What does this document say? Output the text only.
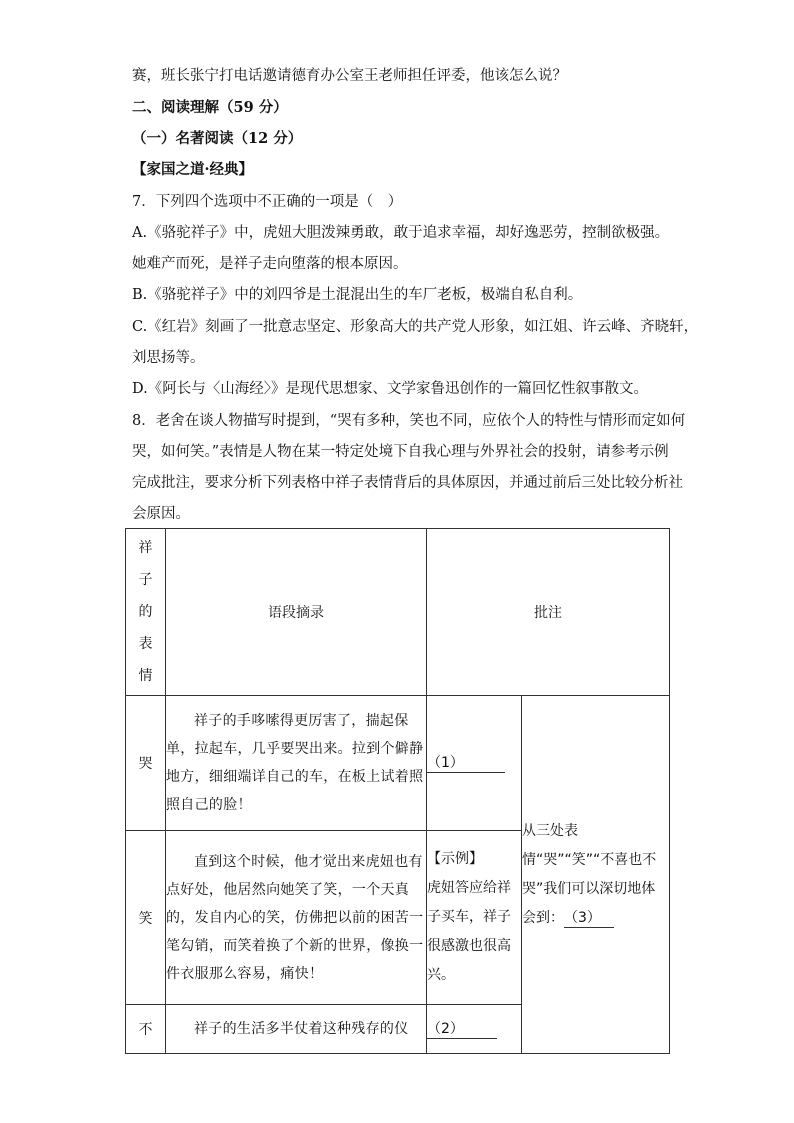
赛，班长张宁打电话邀请德育办公室王老师担任评委，他该怎么说？
二、阅读理解（59 分）
（一）名著阅读（12 分）
【家国之道·经典】
7．下列四个选项中不正确的一项是（　）
A.《骆驼祥子》中，虎妞大胆泼辣勇敢，敢于追求幸福，却好逸恶劳，控制欲极强。
她难产而死，是祥子走向堕落的根本原因。
B.《骆驼祥子》中的刘四爷是土混混出生的车厂老板，极端自私自利。
C.《红岩》刻画了一批意志坚定、形象高大的共产党人形象，如江姐、许云峰、齐晓轩，
刘思扬等。
D.《阿长与〈山海经〉》是现代思想家、文学家鲁迅创作的一篇回忆性叙事散文。
8．老舍在谈人物描写时提到，“哭有多种，笑也不同，应依个人的特性与情形而定如何
哭，如何笑。”表情是人物在某一特定处境下自我心理与外界社会的投射，请参考示例
完成批注，要求分析下列表格中祥子表情背后的具体原因，并通过前后三处比较分析社
会原因。
祥
子
的
表
情	语段摘录	批注	
哭	祥子的手哆嗦得更厉害了，揣起保单，拉起车，几乎要哭出来。拉到个僻静地方，细细端详自己的车，在板上试着照照自己的脸！	（1）	从三处表情“哭”“笑”“不喜也不哭”我们可以深切地体会到：（3）
笑	直到这个时候，他才觉出来虎妞也有点好处，他居然向她笑了笑，一个天真的，发自内心的笑，仿佛把以前的困苦一笔勾销，而笑着换了个新的世界，像换一件衣服那么容易，痛快！	【示例】
虎妞答应给祥子买车，祥子很感激也很高兴。	
不	祥子的生活多半仗着这种残存的仪	（2）	
